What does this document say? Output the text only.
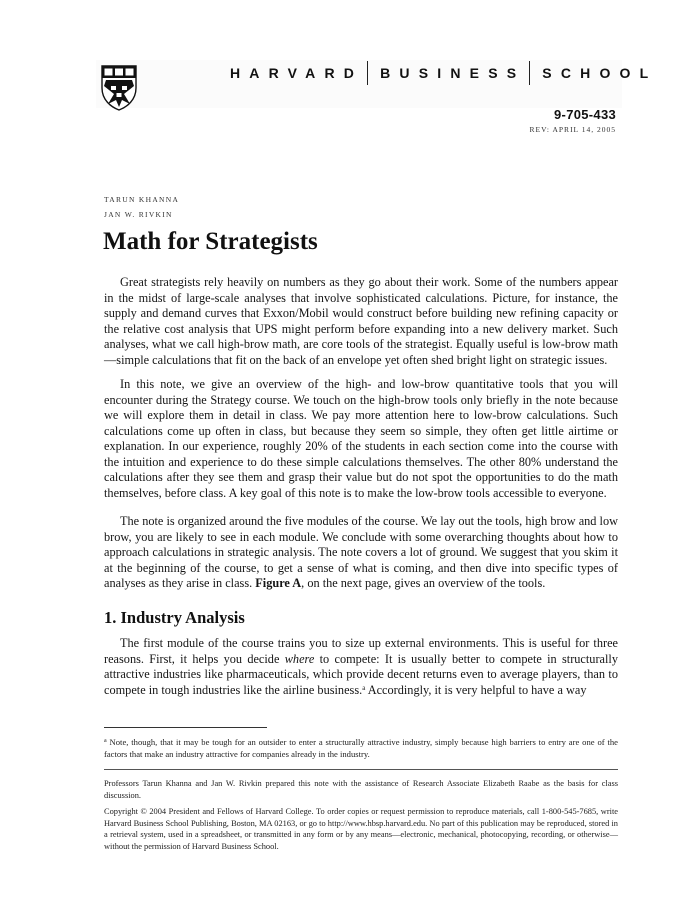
HARVARD BUSINESS SCHOOL
9-705-433
REV: APRIL 14, 2005
TARUN KHANNA
JAN W. RIVKIN
Math for Strategists

Great strategists rely heavily on numbers as they go about their work. Some of the numbers appear in the midst of large-scale analyses that involve sophisticated calculations. Picture, for instance, the supply and demand curves that Exxon/Mobil would construct before building new refining capacity or the relative cost analysis that UPS might perform before expanding into a new delivery market. Such analyses, what we call high-brow math, are core tools of the strategist. Equally useful is low-brow math—simple calculations that fit on the back of an envelope yet often shed bright light on strategic issues.

In this note, we give an overview of the high- and low-brow quantitative tools that you will encounter during the Strategy course. We touch on the high-brow tools only briefly in the note because we will explore them in detail in class. We pay more attention here to low-brow calculations. Such calculations come up often in class, but because they seem so simple, they often get little airtime or explanation. In our experience, roughly 20% of the students in each section come into the course with the intuition and experience to do these simple calculations themselves. The other 80% understand the calculations after they see them and grasp their value but do not spot the opportunities to do the math themselves, before class. A key goal of this note is to make the low-brow tools accessible to everyone.

The note is organized around the five modules of the course. We lay out the tools, high brow and low brow, you are likely to see in each module. We conclude with some overarching thoughts about how to approach calculations in strategic analysis. The note covers a lot of ground. We suggest that you skim it at the beginning of the course, to get a sense of what is coming, and then dive into specific types of analyses as they arise in class. Figure A, on the next page, gives an overview of the tools.

1. Industry Analysis

The first module of the course trains you to size up external environments. This is useful for three reasons. First, it helps you decide where to compete: It is usually better to compete in structurally attractive industries like pharmaceuticals, which provide decent returns even to average players, than to compete in tough industries like the airline business.$^a$ Accordingly, it is very helpful to have a way

$^a$ Note, though, that it may be tough for an outsider to enter a structurally attractive industry, simply because high barriers to entry are one of the factors that make an industry attractive for companies already in the industry.
Professors Tarun Khanna and Jan W. Rivkin prepared this note with the assistance of Research Associate Elizabeth Raabe as the basis for class discussion.
Copyright © 2004 President and Fellows of Harvard College. To order copies or request permission to reproduce materials, call 1-800-545-7685, write Harvard Business School Publishing, Boston, MA 02163, or go to http://www.hbsp.harvard.edu. No part of this publication may be reproduced, stored in a retrieval system, used in a spreadsheet, or transmitted in any form or by any means—electronic, mechanical, photocopying, recording, or otherwise—without the permission of Harvard Business School.
